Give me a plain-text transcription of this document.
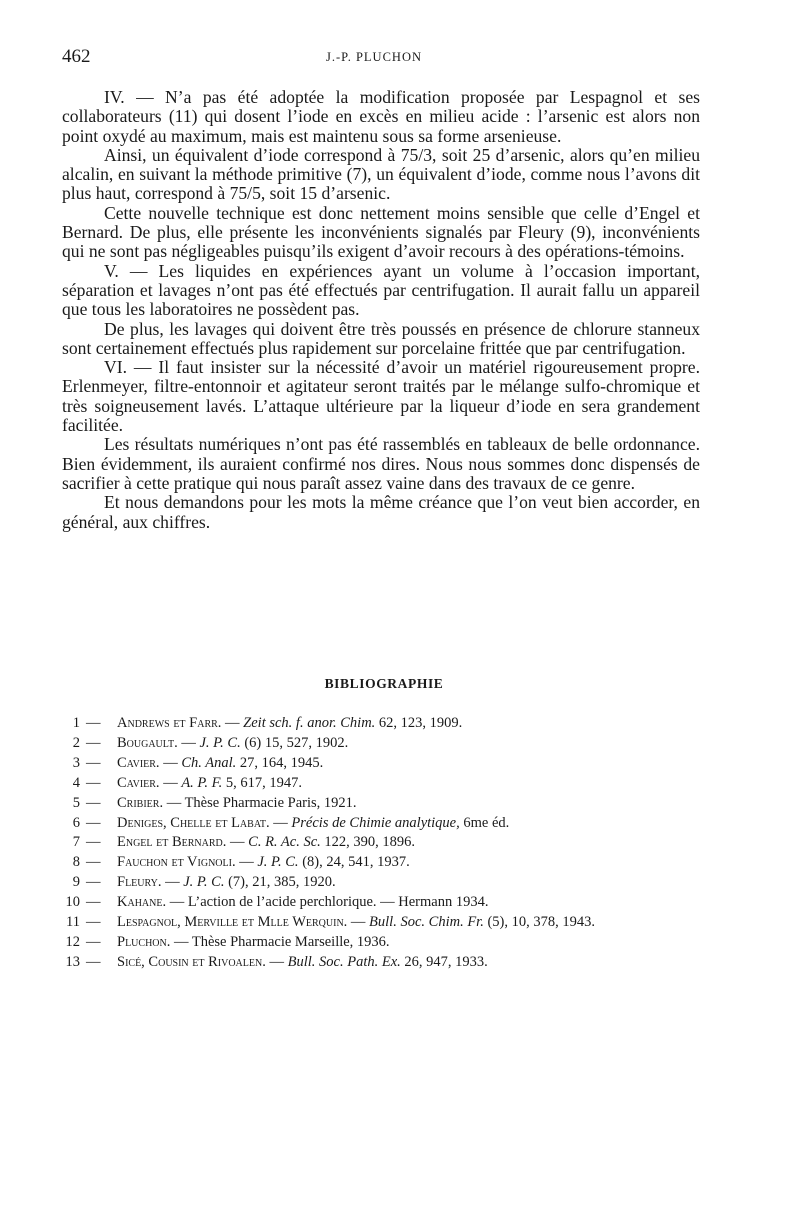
462	J.-P. PLUCHON

IV. — N’a pas été adoptée la modification proposée par Lespagnol et ses collaborateurs (11) qui dosent l’iode en excès en milieu acide : l’arsenic est alors non point oxydé au maximum, mais est maintenu sous sa forme arsenieuse.

Ainsi, un équivalent d’iode correspond à 75/3, soit 25 d’arsenic, alors qu’en milieu alcalin, en suivant la méthode primitive (7), un équivalent d’iode, comme nous l’avons dit plus haut, correspond à 75/5, soit 15 d’arsenic.

Cette nouvelle technique est donc nettement moins sensible que celle d’Engel et Bernard. De plus, elle présente les inconvénients signalés par Fleury (9), inconvénients qui ne sont pas négligeables puisqu’ils exigent d’avoir recours à des opérations-témoins.

V. — Les liquides en expériences ayant un volume à l’occasion important, séparation et lavages n’ont pas été effectués par centrifugation. Il aurait fallu un appareil que tous les laboratoires ne possèdent pas.

De plus, les lavages qui doivent être très poussés en présence de chlorure stanneux sont certainement effectués plus rapidement sur porcelaine frittée que par centrifugation.

VI. — Il faut insister sur la nécessité d’avoir un matériel rigoureusement propre. Erlenmeyer, filtre-entonnoir et agitateur seront traités par le mélange sulfo-chromique et très soigneusement lavés. L’attaque ultérieure par la liqueur d’iode en sera grandement facilitée.

Les résultats numériques n’ont pas été rassemblés en tableaux de belle ordonnance. Bien évidemment, ils auraient confirmé nos dires. Nous nous sommes donc dispensés de sacrifier à cette pratique qui nous paraît assez vaine dans des travaux de ce genre.

Et nous demandons pour les mots la même créance que l’on veut bien accorder, en général, aux chiffres.

BIBLIOGRAPHIE
1 — Andrews et Farr. — Zeit sch. f. anor. Chim. 62, 123, 1909.
2 — Bougault. — J. P. C. (6) 15, 527, 1902.
3 — Cavier. — Ch. Anal. 27, 164, 1945.
4 — Cavier. — A. P. F. 5, 617, 1947.
5 — Cribier. — Thèse Pharmacie Paris, 1921.
6 — Deniges, Chelle et Labat. — Précis de Chimie analytique, 6me éd.
7 — Engel et Bernard. — C. R. Ac. Sc. 122, 390, 1896.
8 — Fauchon et Vignoli. — J. P. C. (8), 24, 541, 1937.
9 — Fleury. — J. P. C. (7), 21, 385, 1920.
10 — Kahane. — L’action de l’acide perchlorique. — Hermann 1934.
11 — Lespagnol, Merville et Mlle Werquin. — Bull. Soc. Chim. Fr. (5), 10, 378, 1943.
12 — Pluchon. — Thèse Pharmacie Marseille, 1936.
13 — Sicé, Cousin et Rivoalen. — Bull. Soc. Path. Ex. 26, 947, 1933.
